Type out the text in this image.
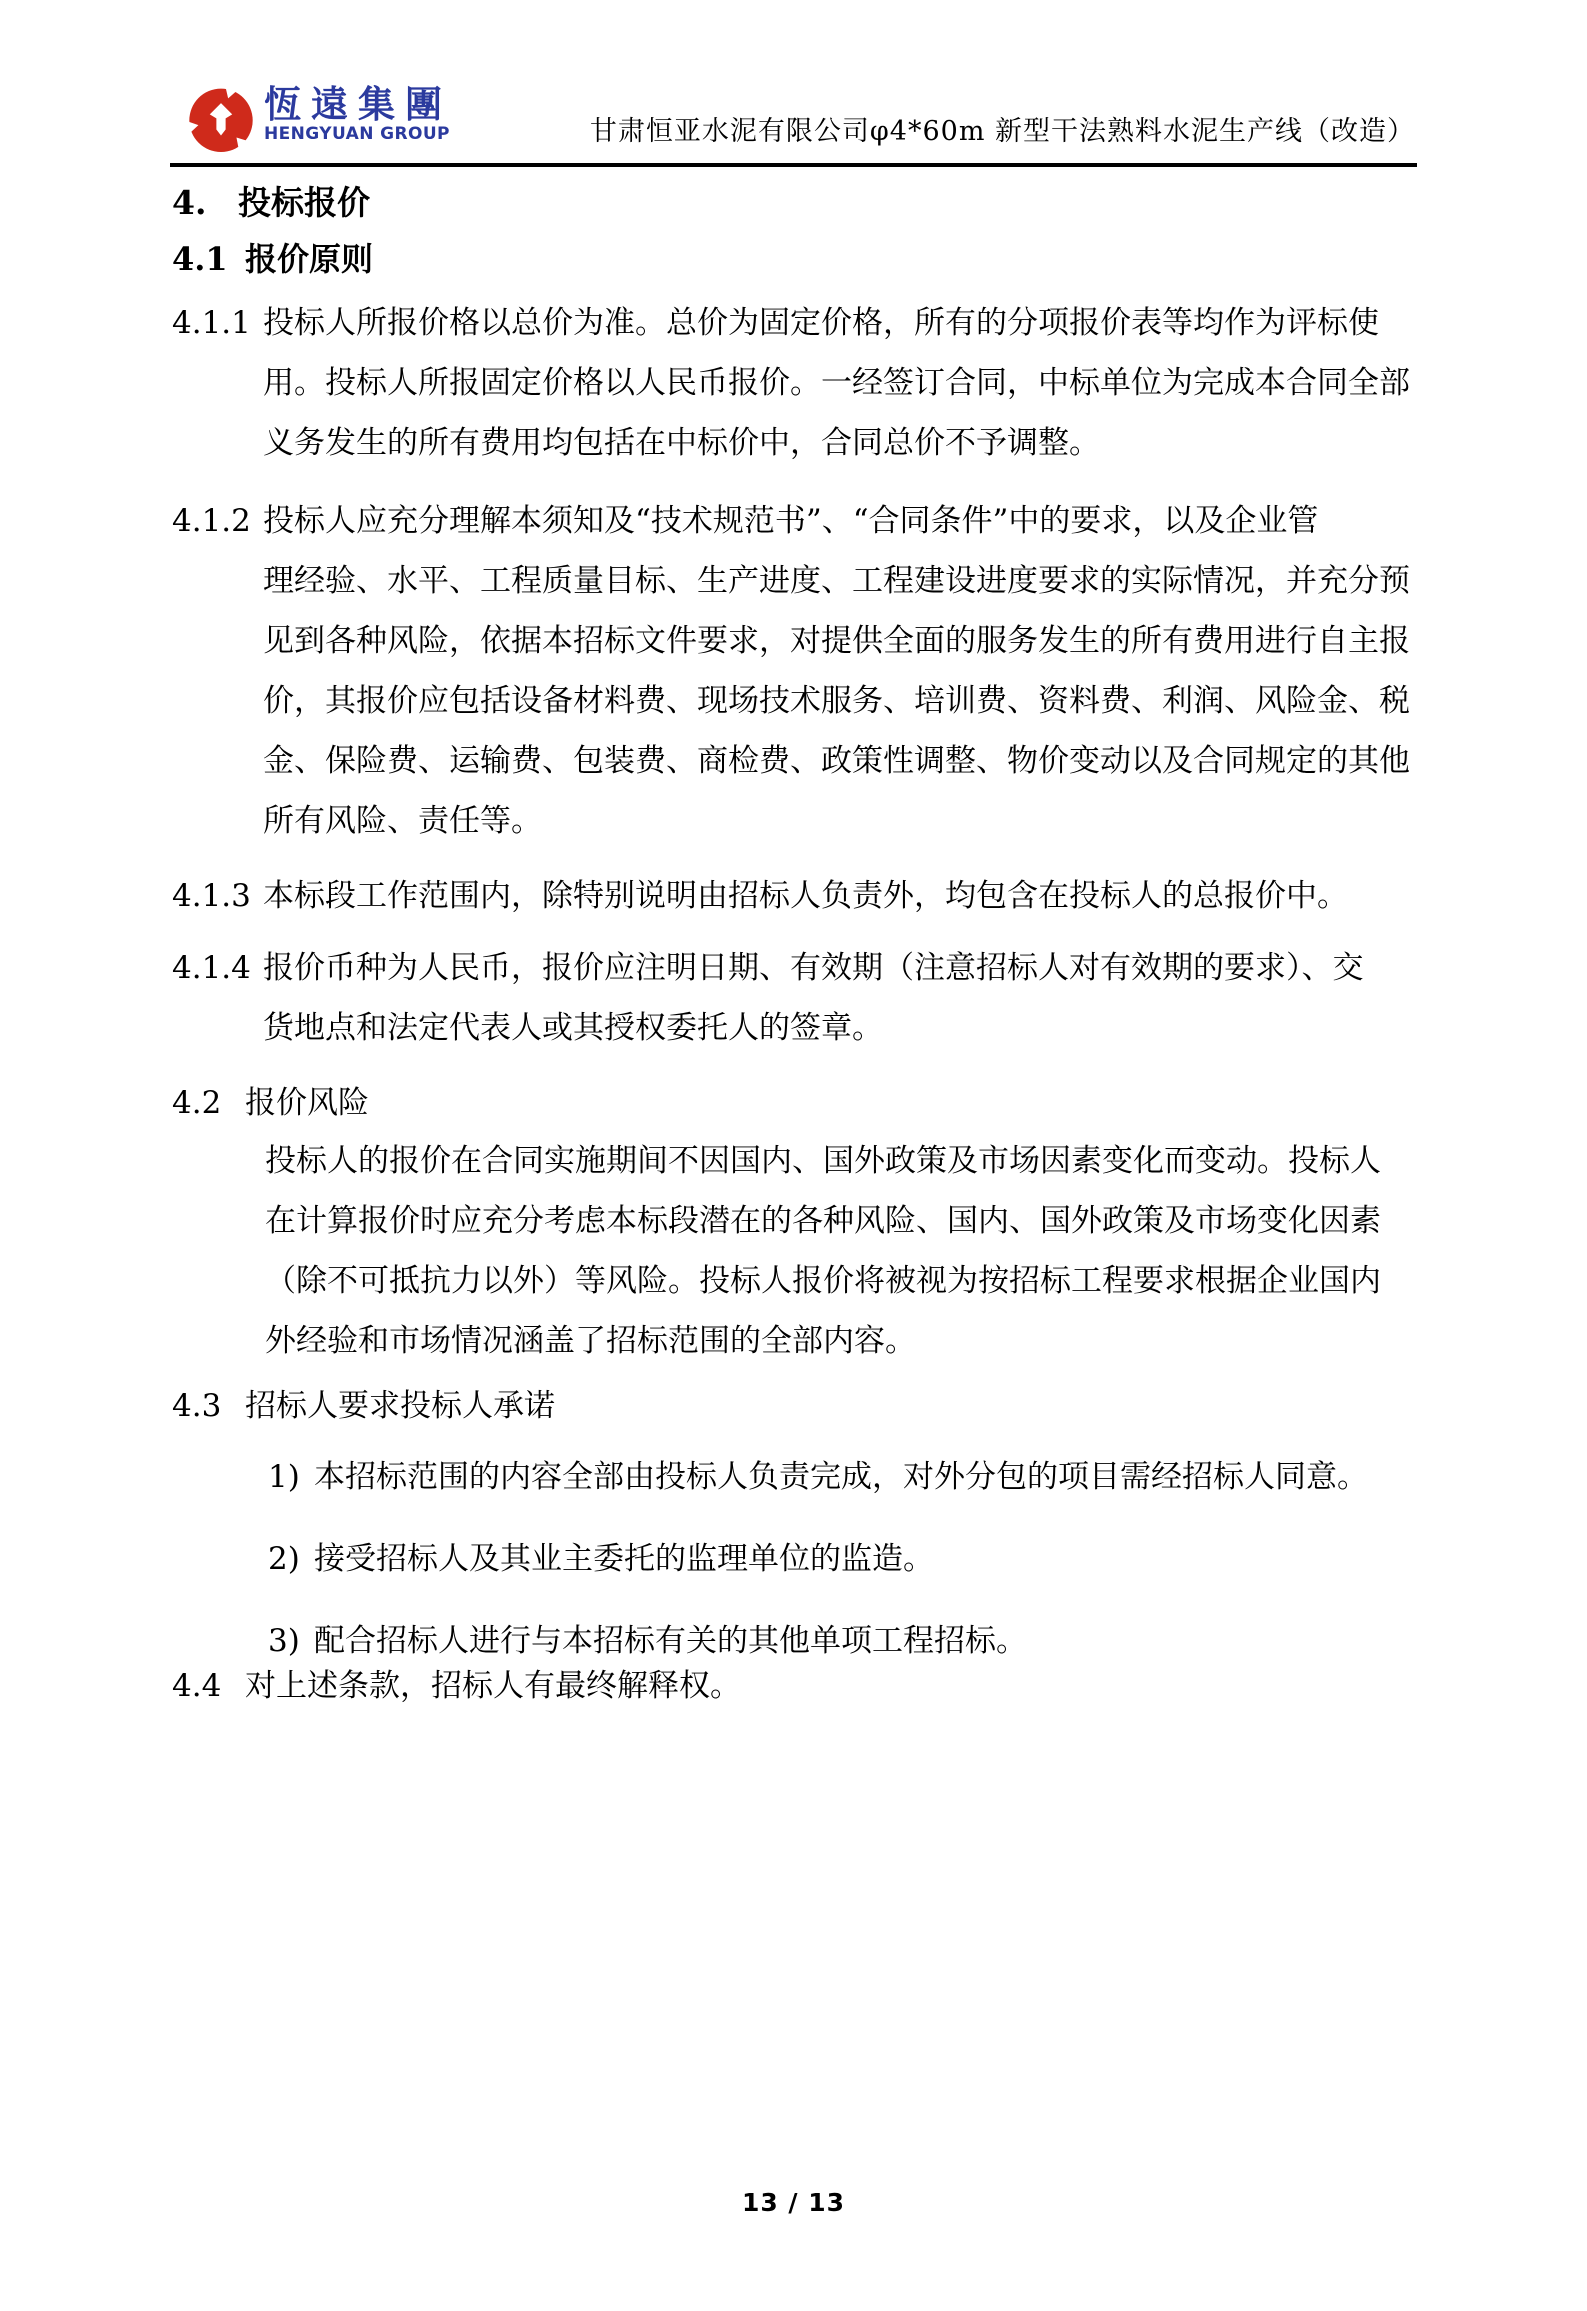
恆遠集團
HENGYUAN GROUP	甘肃恒亚水泥有限公司φ4*60m 新型干法熟料水泥生产线（改造）
4. 投标报价
4.1 报价原则
4.1.1 投标人所报价格以总价为准。总价为固定价格，所有的分项报价表等均作为评标使
用。投标人所报固定价格以人民币报价。一经签订合同，中标单位为完成本合同全部
义务发生的所有费用均包括在中标价中，合同总价不予调整。
4.1.2 投标人应充分理解本须知及“技术规范书”、“合同条件”中的要求，以及企业管
理经验、水平、工程质量目标、生产进度、工程建设进度要求的实际情况，并充分预
见到各种风险，依据本招标文件要求，对提供全面的服务发生的所有费用进行自主报
价，其报价应包括设备材料费、现场技术服务、培训费、资料费、利润、风险金、税
金、保险费、运输费、包装费、商检费、政策性调整、物价变动以及合同规定的其他
所有风险、责任等。
4.1.3 本标段工作范围内，除特别说明由招标人负责外，均包含在投标人的总报价中。
4.1.4 报价币种为人民币，报价应注明日期、有效期（注意招标人对有效期的要求）、交
货地点和法定代表人或其授权委托人的签章。
4.2 报价风险
投标人的报价在合同实施期间不因国内、国外政策及市场因素变化而变动。投标人
在计算报价时应充分考虑本标段潜在的各种风险、国内、国外政策及市场变化因素
（除不可抵抗力以外）等风险。投标人报价将被视为按招标工程要求根据企业国内
外经验和市场情况涵盖了招标范围的全部内容。
4.3 招标人要求投标人承诺
1) 本招标范围的内容全部由投标人负责完成，对外分包的项目需经招标人同意。
2) 接受招标人及其业主委托的监理单位的监造。
3) 配合招标人进行与本招标有关的其他单项工程招标。
4.4 对上述条款，招标人有最终解释权。
13 / 13
